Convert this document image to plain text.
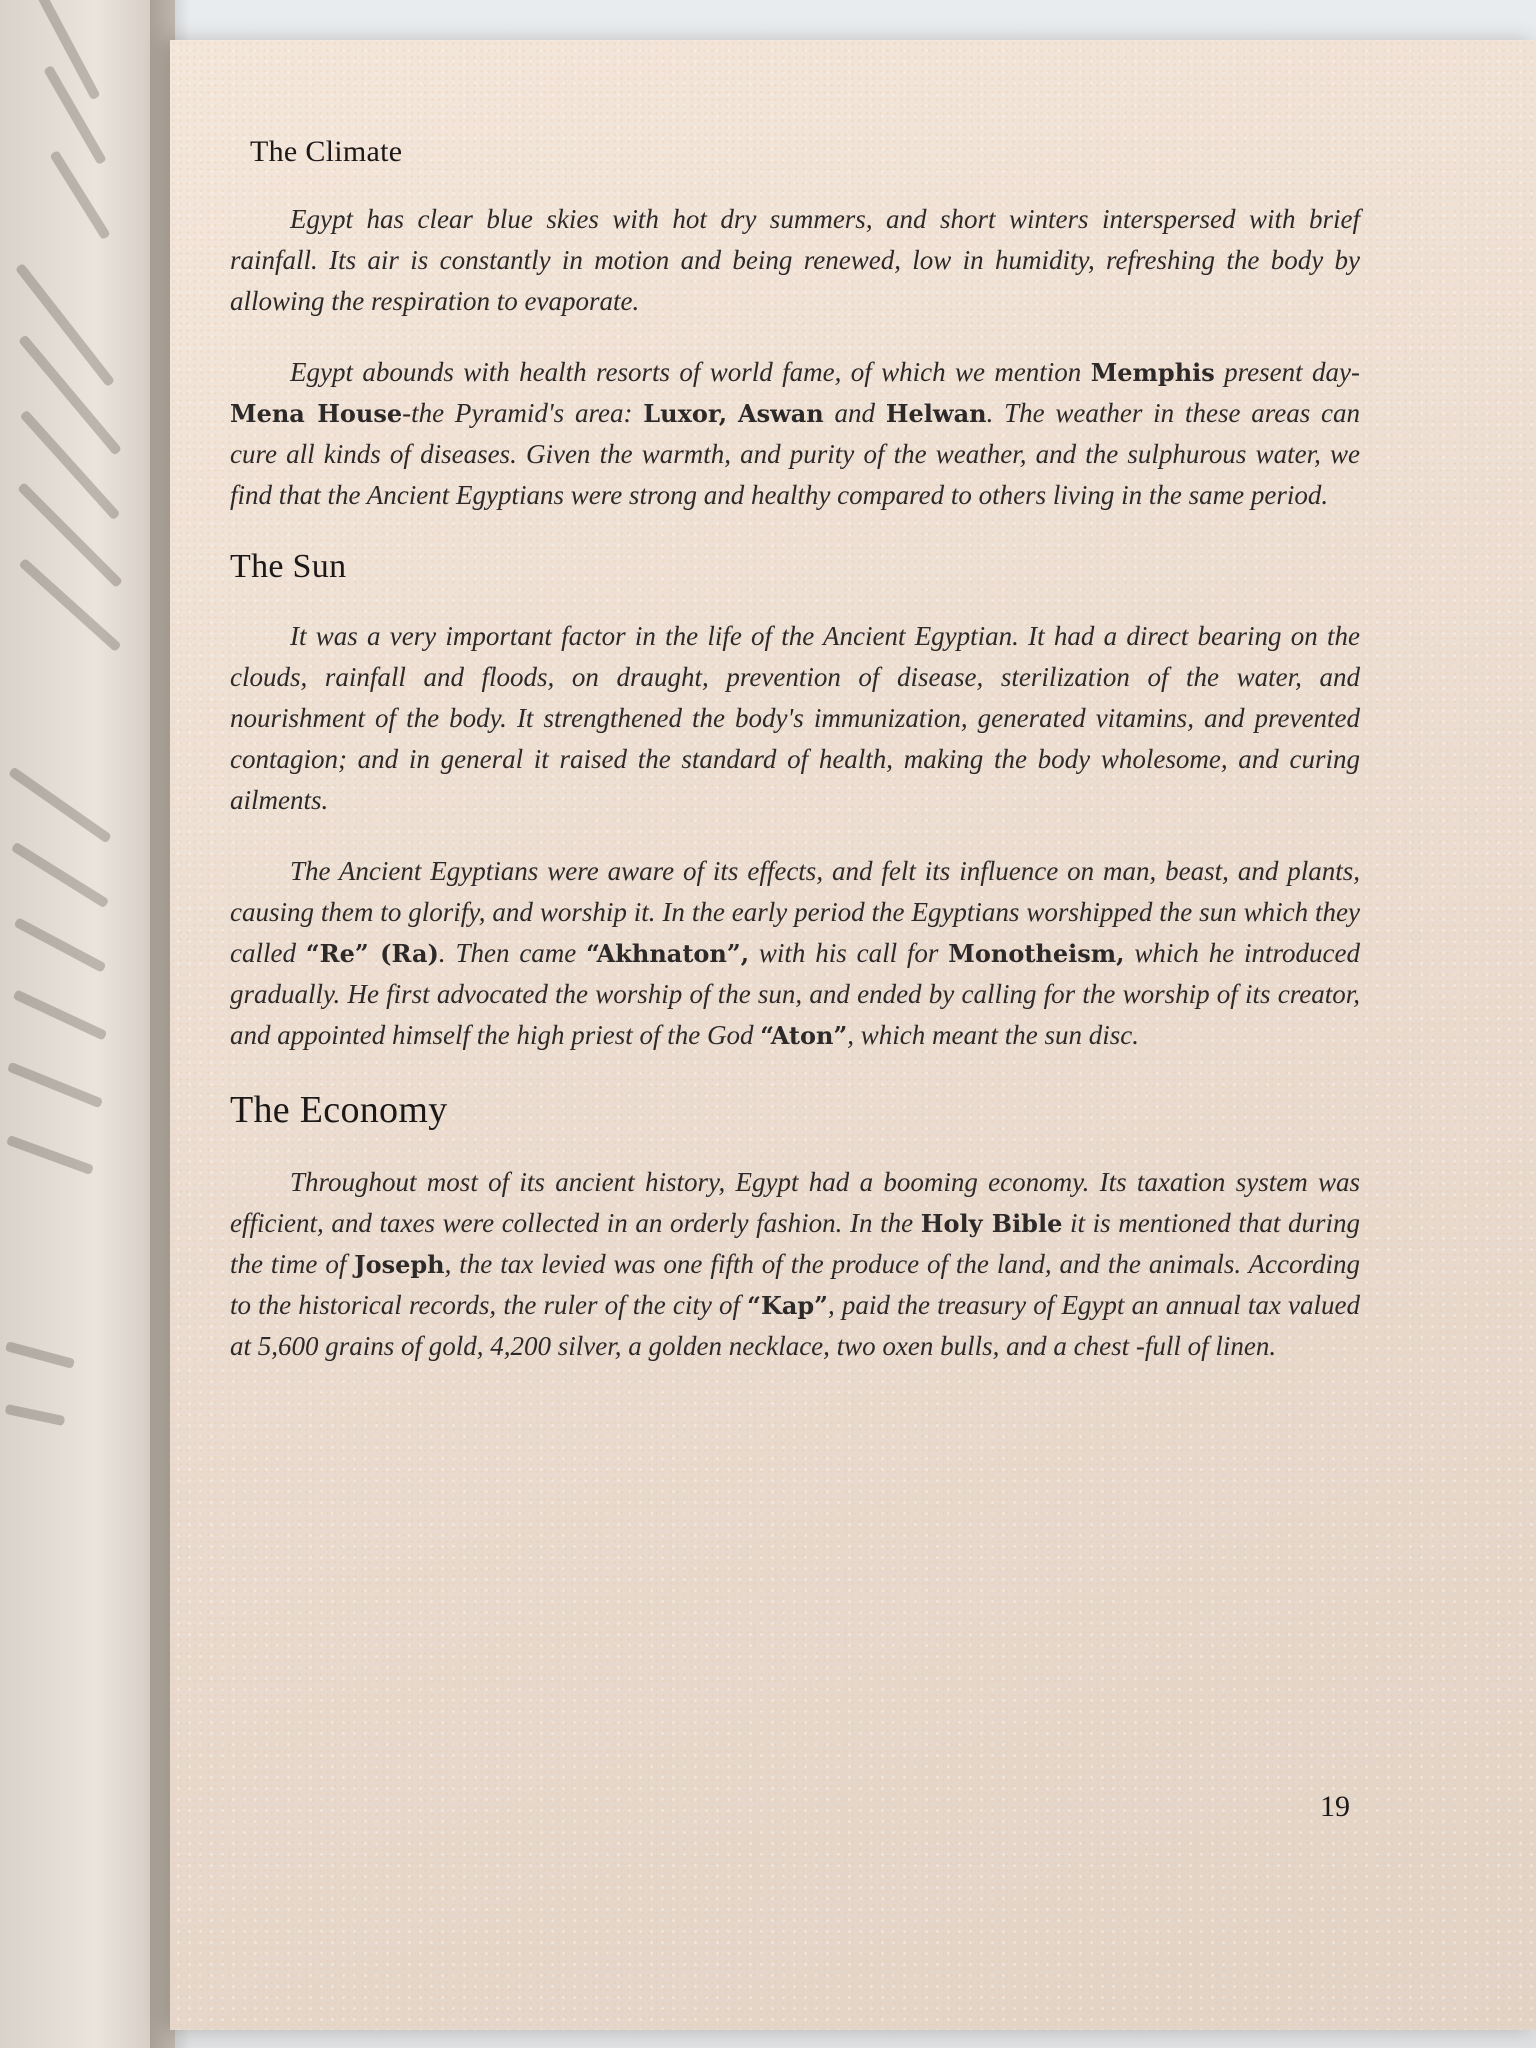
The Climate

Egypt has clear blue skies with hot dry summers, and short winters interspersed with brief rainfall. Its air is constantly in motion and being renewed, low in humidity, refreshing the body by allowing the respiration to evaporate.

Egypt abounds with health resorts of world fame, of which we mention Memphis present day-Mena House-the Pyramid's area: Luxor, Aswan and Helwan. The weather in these areas can cure all kinds of diseases. Given the warmth, and purity of the weather, and the sulphurous water, we find that the Ancient Egyptians were strong and healthy compared to others living in the same period.

The Sun

It was a very important factor in the life of the Ancient Egyptian. It had a direct bearing on the clouds, rainfall and floods, on draught, prevention of disease, sterilization of the water, and nourishment of the body. It strengthened the body's immunization, generated vitamins, and prevented contagion; and in general it raised the standard of health, making the body wholesome, and curing ailments.

The Ancient Egyptians were aware of its effects, and felt its influence on man, beast, and plants, causing them to glorify, and worship it. In the early period the Egyptians worshipped the sun which they called “Re” (Ra). Then came “Akhnaton”, with his call for Monotheism, which he introduced gradually. He first advocated the worship of the sun, and ended by calling for the worship of its creator, and appointed himself the high priest of the God “Aton”, which meant the sun disc.

The Economy

Throughout most of its ancient history, Egypt had a booming economy. Its taxation system was efficient, and taxes were collected in an orderly fashion. In the Holy Bible it is mentioned that during the time of Joseph, the tax levied was one fifth of the produce of the land, and the animals. According to the historical records, the ruler of the city of “Kap”, paid the treasury of Egypt an annual tax valued at 5,600 grains of gold, 4,200 silver, a golden necklace, two oxen bulls, and a chest -full of linen.

19
